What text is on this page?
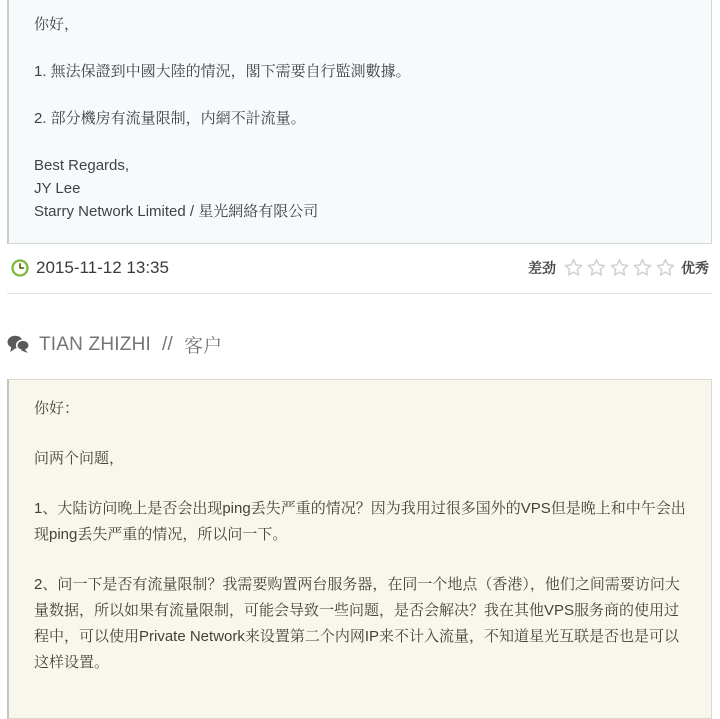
你好，

1. 無法保證到中國大陸的情況，閣下需要自行監測數據。

2. 部分機房有流量限制，内網不計流量。

Best Regards,
JY Lee
Starry Network Limited / 星光網絡有限公司
2015-11-12 13:35	差劲	优秀
TIAN ZHIZHI // 客户

你好：

问两个问题，

1、大陆访问晚上是否会出现ping丢失严重的情况？因为我用过很多国外的VPS但是晚上和中午会出现ping丢失严重的情况，所以问一下。

2、问一下是否有流量限制？我需要购置两台服务器，在同一个地点（香港），他们之间需要访问大量数据，所以如果有流量限制，可能会导致一些问题，是否会解决？我在其他VPS服务商的使用过程中，可以使用Private Network来设置第二个内网IP来不计入流量，不知道星光互联是否也是可以这样设置。
